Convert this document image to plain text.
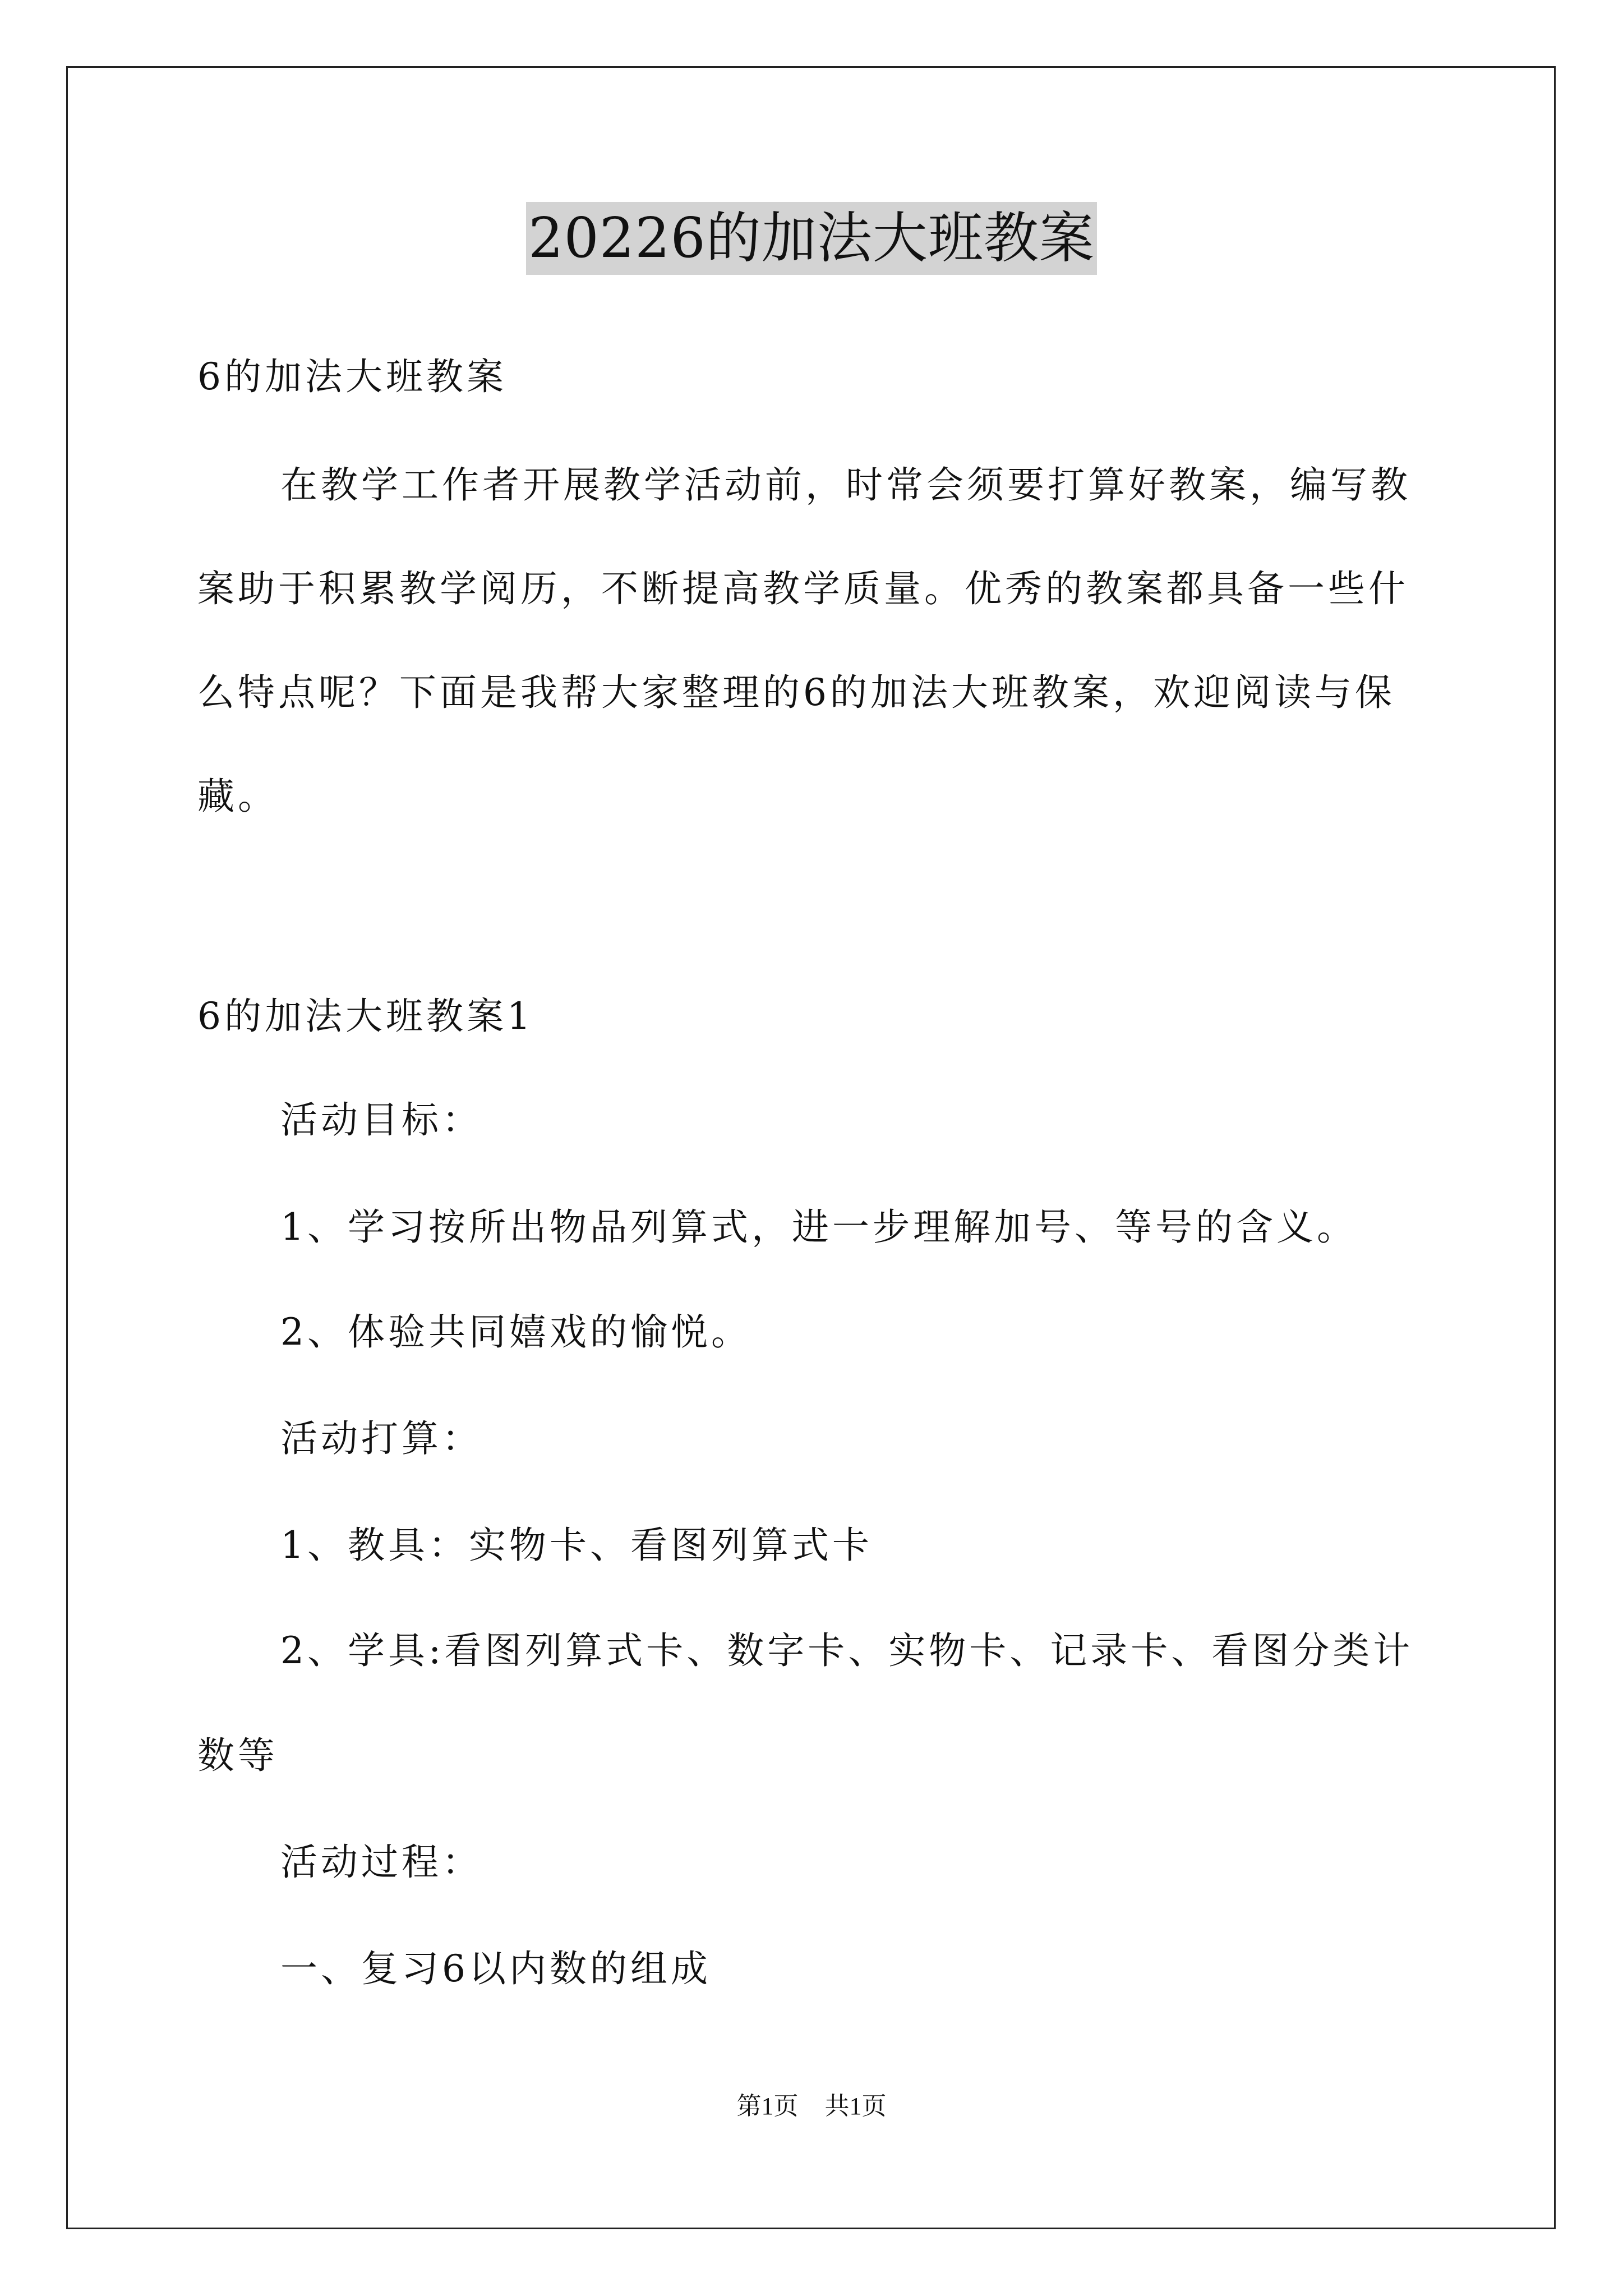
20226的加法大班教案
6的加法大班教案
在教学工作者开展教学活动前，时常会须要打算好教案，编写教
案助于积累教学阅历，不断提高教学质量。优秀的教案都具备一些什
么特点呢？下面是我帮大家整理的6的加法大班教案，欢迎阅读与保
藏。
6的加法大班教案1
活动目标：
1、学习按所出物品列算式，进一步理解加号、等号的含义。
2、体验共同嬉戏的愉悦。
活动打算：
1、教具：实物卡、看图列算式卡
2、学具:看图列算式卡、数字卡、实物卡、记录卡、看图分类计
数等
活动过程：
一、复习6以内数的组成
第1页 共1页
